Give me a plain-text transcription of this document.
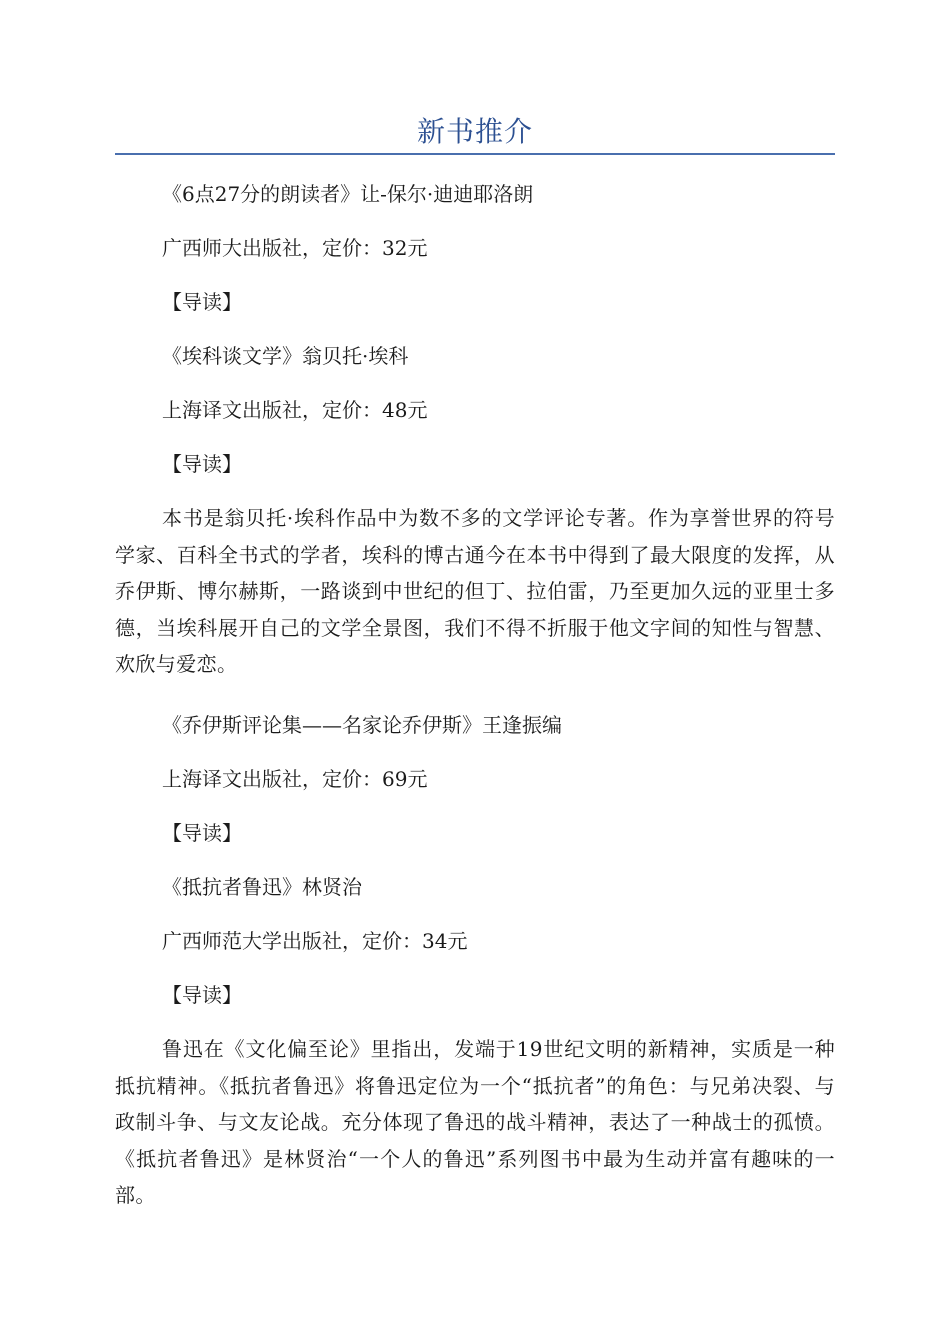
新书推介
《6点27分的朗读者》让-保尔·迪迪耶洛朗
广西师大出版社，定价：32元
【导读】
《埃科谈文学》翁贝托·埃科
上海译文出版社，定价：48元
【导读】
本书是翁贝托·埃科作品中为数不多的文学评论专著。作为享誉世界的符号学家、百科全书式的学者，埃科的博古通今在本书中得到了最大限度的发挥，从乔伊斯、博尔赫斯，一路谈到中世纪的但丁、拉伯雷，乃至更加久远的亚里士多德，当埃科展开自己的文学全景图，我们不得不折服于他文字间的知性与智慧、欢欣与爱恋。
《乔伊斯评论集——名家论乔伊斯》王逢振编
上海译文出版社，定价：69元
【导读】
《抵抗者鲁迅》林贤治
广西师范大学出版社，定价：34元
【导读】
鲁迅在《文化偏至论》里指出，发端于19世纪文明的新精神，实质是一种抵抗精神。《抵抗者鲁迅》将鲁迅定位为一个“抵抗者”的角色：与兄弟决裂、与政制斗争、与文友论战。充分体现了鲁迅的战斗精神，表达了一种战士的孤愤。《抵抗者鲁迅》是林贤治“一个人的鲁迅”系列图书中最为生动并富有趣味的一部。
